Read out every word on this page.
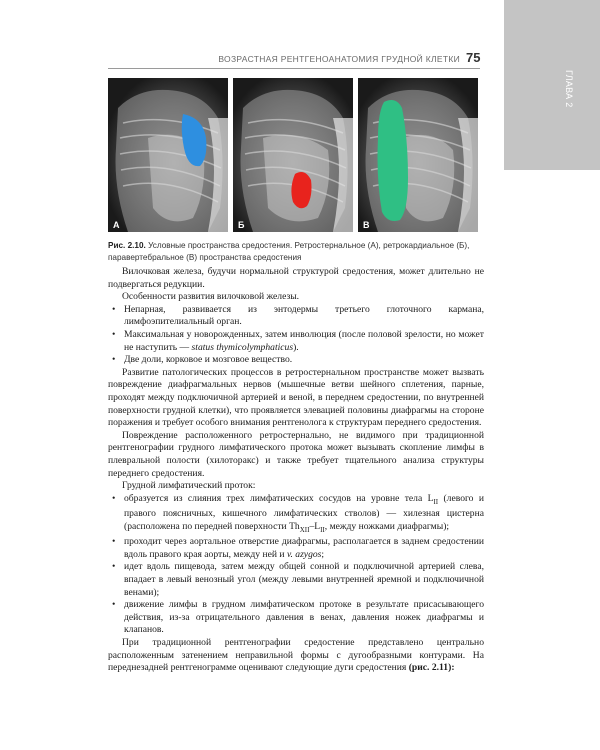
ГЛАВА 2
ВОЗРАСТНАЯ РЕНТГЕНОАНАТОМИЯ ГРУДНОЙ КЛЕТКИ 75
А	Б	В
Рис. 2.10. Условные пространства средостения. Ретростернальное (А), ретрокардиальное (Б), паравертебральное (В) пространства средостения

Вилочковая железа, будучи нормальной структурой средостения, может длительно не подвергаться редукции.

Особенности развития вилочковой железы.

• Непарная, развивается из энтодермы третьего глоточного кармана, лимфоэпителиальный орган.
• Максимальная у новорожденных, затем инволюция (после половой зрелости, но может не наступить — status thymicolymphaticus).
• Две доли, корковое и мозговое вещество.

Развитие патологических процессов в ретростернальном пространстве может вызвать повреждение диафрагмальных нервов (мышечные ветви шейного сплетения, парные, проходят между подключичной артерией и веной, в переднем средостении, по внутренней поверхности грудной клетки), что проявляется элевацией половины диафрагмы на стороне поражения и требует особого внимания рентгенолога к структурам переднего средостения.

Повреждение расположенного ретростернально, не видимого при традиционной рентгенографии грудного лимфатического протока может вызывать скопление лимфы в плевральной полости (хилоторакс) и также требует тщательного анализа структуры переднего средостения.

Грудной лимфатический проток:

• образуется из слияния трех лимфатических сосудов на уровне тела $L_{II}$ (левого и правого поясничных, кишечного лимфатических стволов) — хилезная цистерна (расположена по передней поверхности $Th_{XII}-L_{II}$, между ножками диафрагмы);
• проходит через аортальное отверстие диафрагмы, располагается в заднем средостении вдоль правого края аорты, между ней и v. azygos;
• идет вдоль пищевода, затем между общей сонной и подключичной артерией слева, впадает в левый венозный угол (между левыми внутренней яремной и подключичной венами);
• движение лимфы в грудном лимфатическом протоке в результате присасывающего действия, из-за отрицательного давления в венах, давления ножек диафрагмы и клапанов.

При традиционной рентгенографии средостение представлено центрально расположенным затенением неправильной формы с дугообразными контурами. На переднезадней рентгенограмме оценивают следующие дуги средостения (рис. 2.11):
